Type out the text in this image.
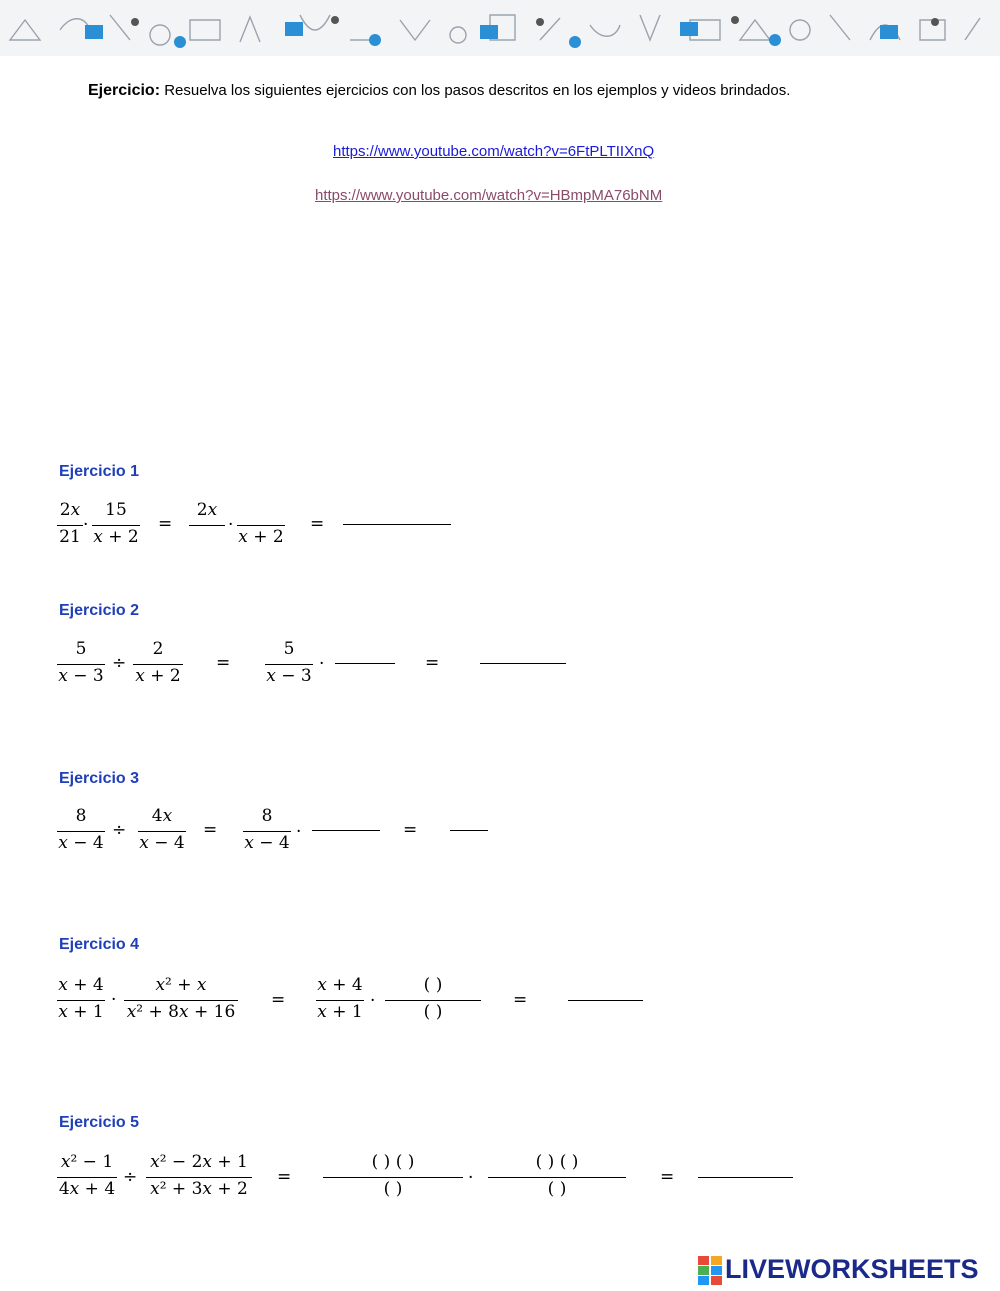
Ejercicio: Resuelva los siguientes ejercicios con los pasos descritos en los ejemplos y videos brindados.
https://www.youtube.com/watch?v=6FtPLTIIXnQ
https://www.youtube.com/watch?v=HBmpMA76bNM
Ejercicio 1
2𝑥
21
·
15
𝑥 + 2
=
2𝑥
·
𝑥 + 2
=
Ejercicio 2
5
𝑥 − 3
÷
2
𝑥 + 2
=
5
𝑥 − 3
·	=
Ejercicio 3
8
𝑥 − 4
÷
4𝑥
𝑥 − 4
=
8
𝑥 − 4
·	=
Ejercicio 4
𝑥 + 4
𝑥 + 1
·
𝑥² + 𝑥
𝑥² + 8𝑥 + 16
=
𝑥 + 4
𝑥 + 1
·
( )
( )
=
Ejercicio 5
𝑥² − 1
4𝑥 + 4
÷
𝑥² − 2𝑥 + 1
𝑥² + 3𝑥 + 2
=
( ) ( )
( )
·
( ) ( )
( )
=
LIVEWORKSHEETS
